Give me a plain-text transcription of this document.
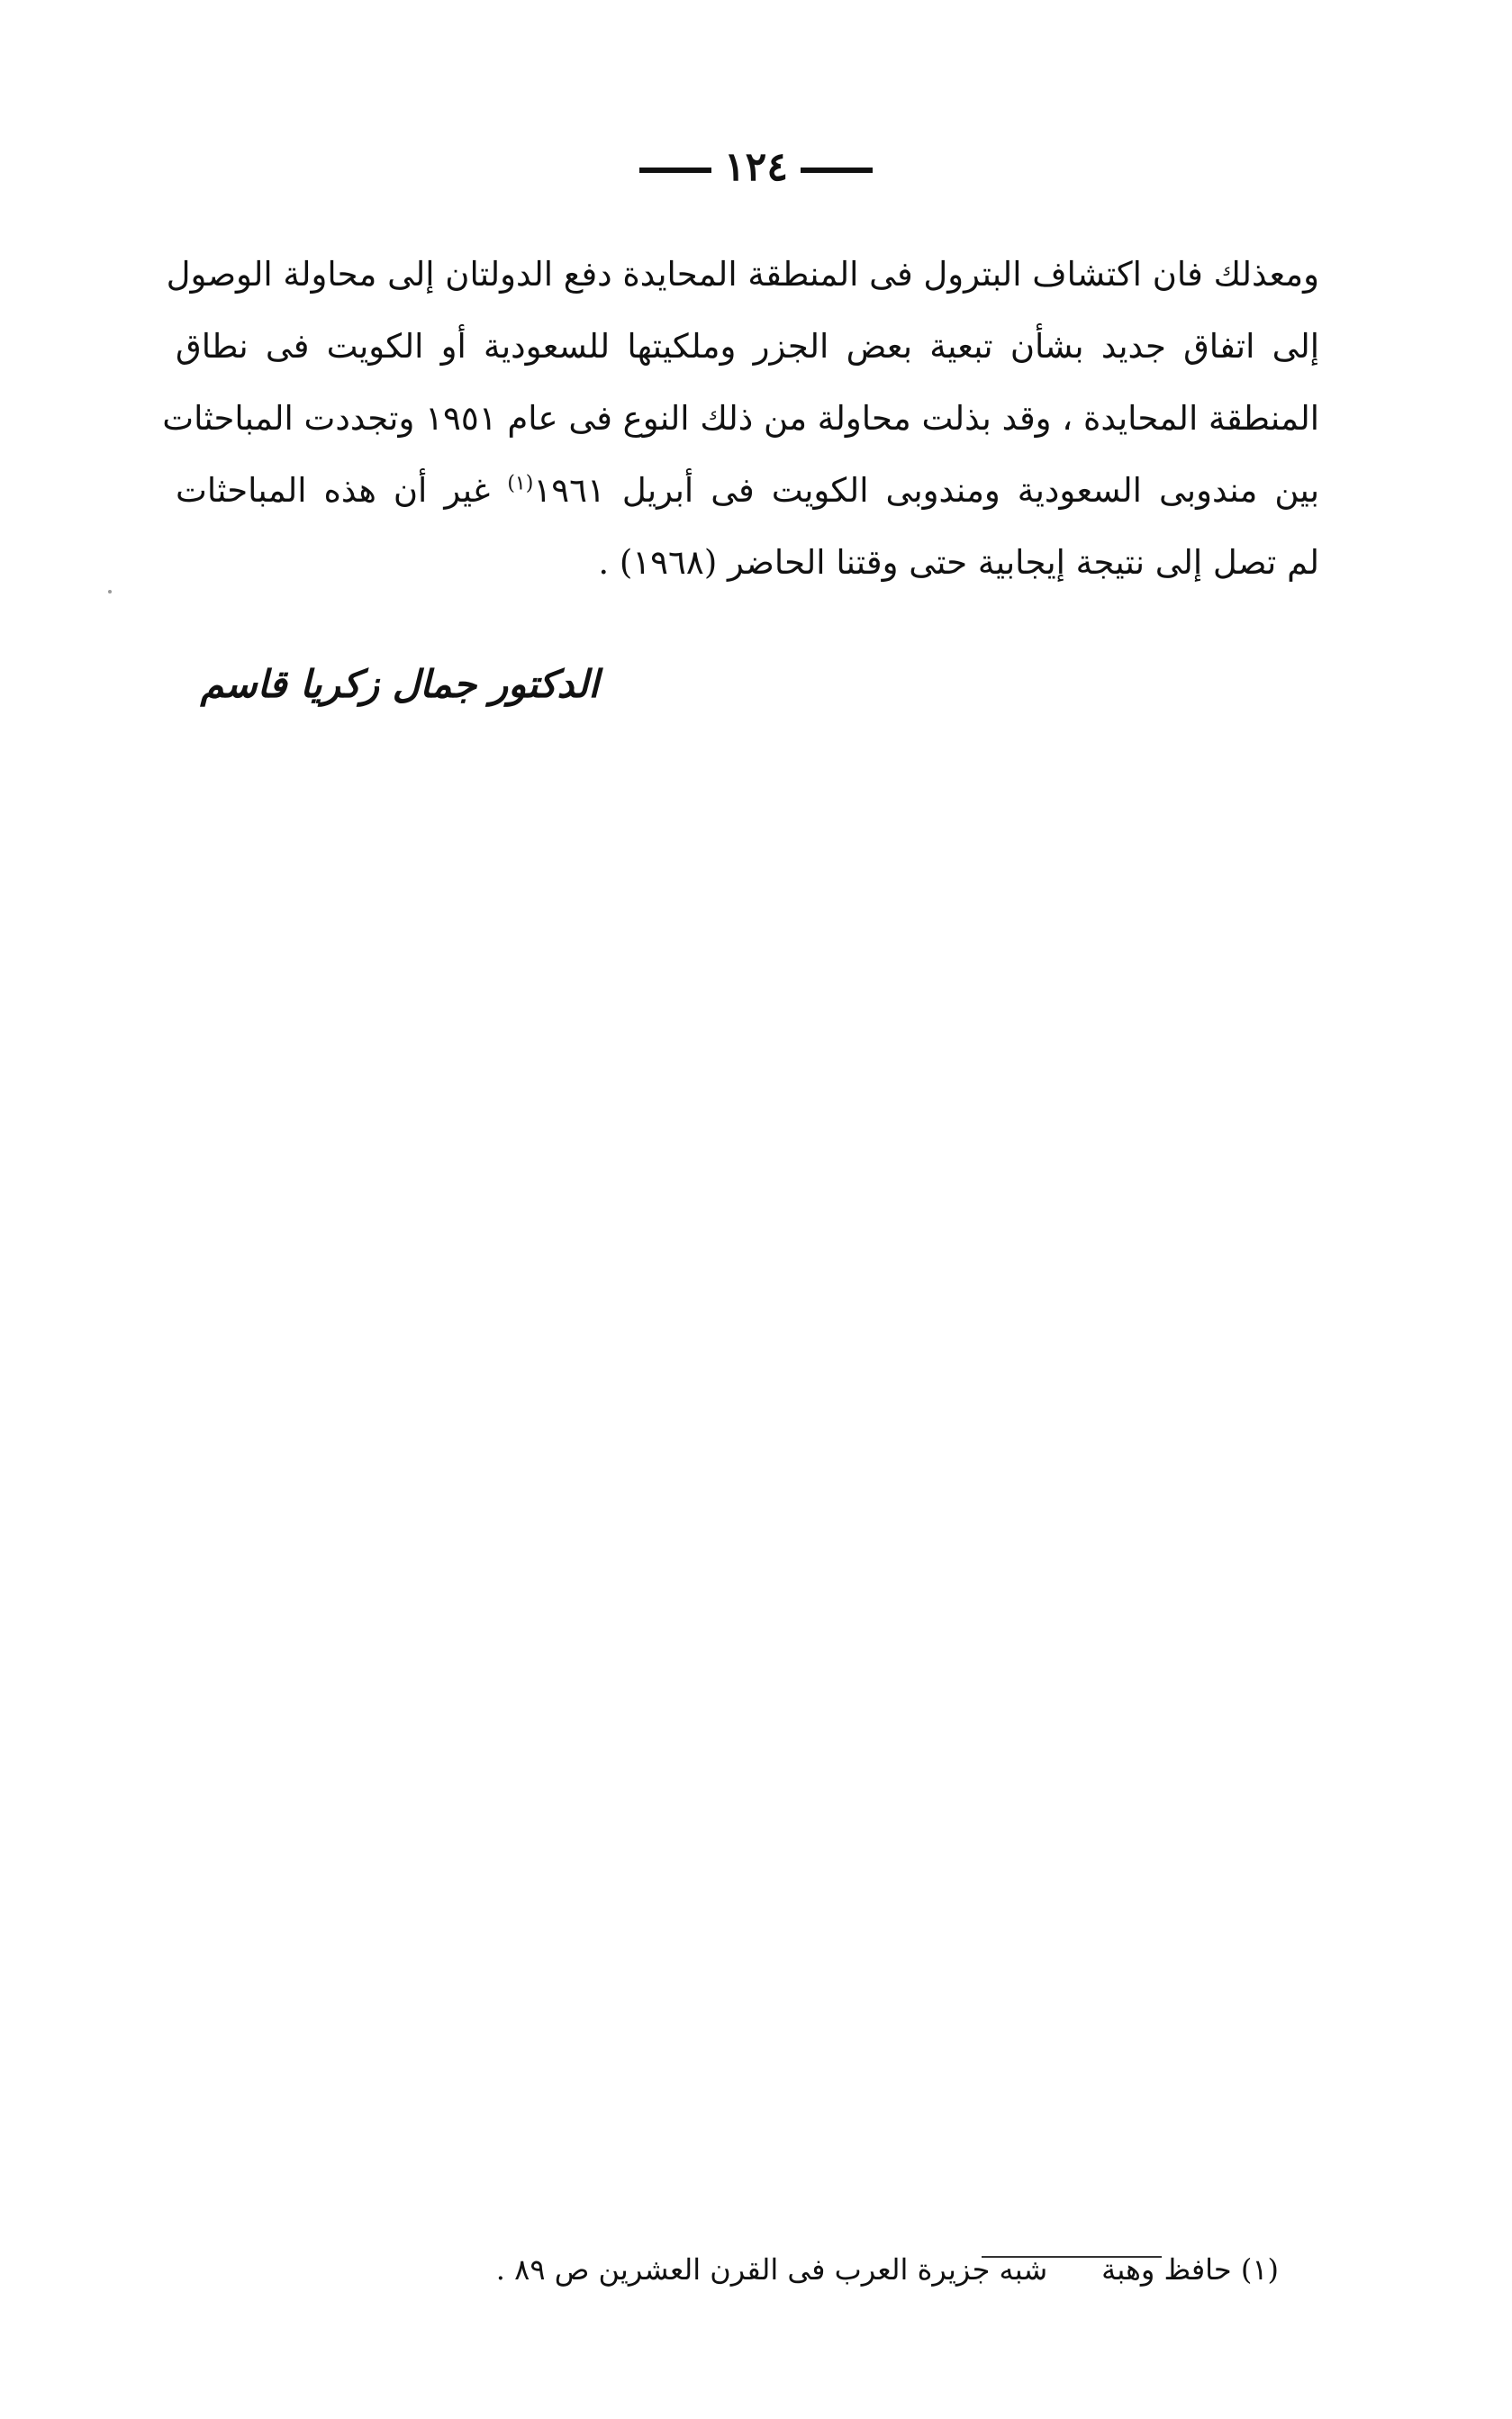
١٢٤
ومعذلك فان اكتشاف البترول فى المنطقة المحايدة دفع الدولتان إلى محاولة الوصول
إلى اتفاق جديد بشأن تبعية بعض الجزر وملكيتها للسعودية أو الكويت فى نطاق
المنطقة المحايدة ، وقد بذلت محاولة من ذلك النوع فى عام ١٩٥١ وتجددت المباحثات
بين مندوبى السعودية ومندوبى الكويت فى أبريل ١٩٦١$^{(١)}$ غير أن هذه المباحثات
لم تصل إلى نتيجة إيجابية حتى وقتنا الحاضر (١٩٦٨) .
الدكتور جمال زكريا قاسم
(١) حافظ وهبةشبه جزيرة العرب فى القرن العشرين ص ٨٩ .
